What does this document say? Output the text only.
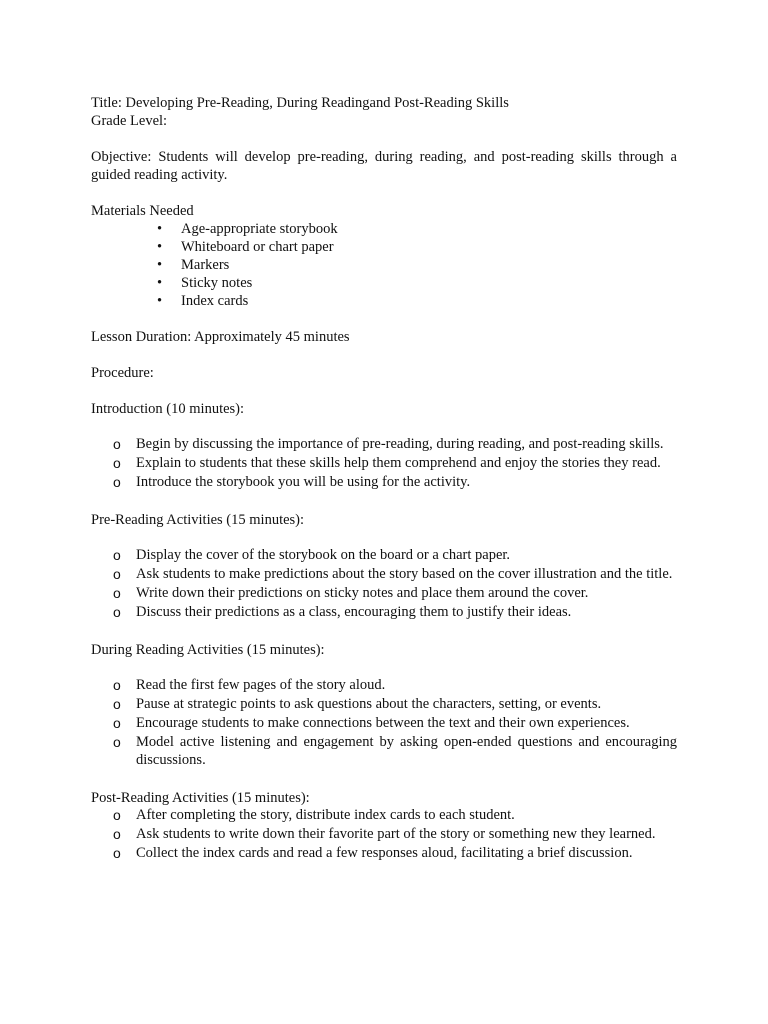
Title: Developing Pre-Reading, During Readingand Post-Reading Skills

Grade Level:

Objective: Students will develop pre-reading, during reading, and post-reading skills through a guided reading activity.

Materials Needed

• Age-appropriate storybook
• Whiteboard or chart paper
• Markers
• Sticky notes
• Index cards

Lesson Duration: Approximately 45 minutes

Procedure:

Introduction (10 minutes):

o Begin by discussing the importance of pre-reading, during reading, and post-reading skills.
o Explain to students that these skills help them comprehend and enjoy the stories they read.
o Introduce the storybook you will be using for the activity.

Pre-Reading Activities (15 minutes):

o Display the cover of the storybook on the board or a chart paper.
o Ask students to make predictions about the story based on the cover illustration and the title.
o Write down their predictions on sticky notes and place them around the cover.
o Discuss their predictions as a class, encouraging them to justify their ideas.

During Reading Activities (15 minutes):

o Read the first few pages of the story aloud.
o Pause at strategic points to ask questions about the characters, setting, or events.
o Encourage students to make connections between the text and their own experiences.
o Model active listening and engagement by asking open-ended questions and encouraging discussions.

Post-Reading Activities (15 minutes):

o After completing the story, distribute index cards to each student.
o Ask students to write down their favorite part of the story or something new they learned.
o Collect the index cards and read a few responses aloud, facilitating a brief discussion.
